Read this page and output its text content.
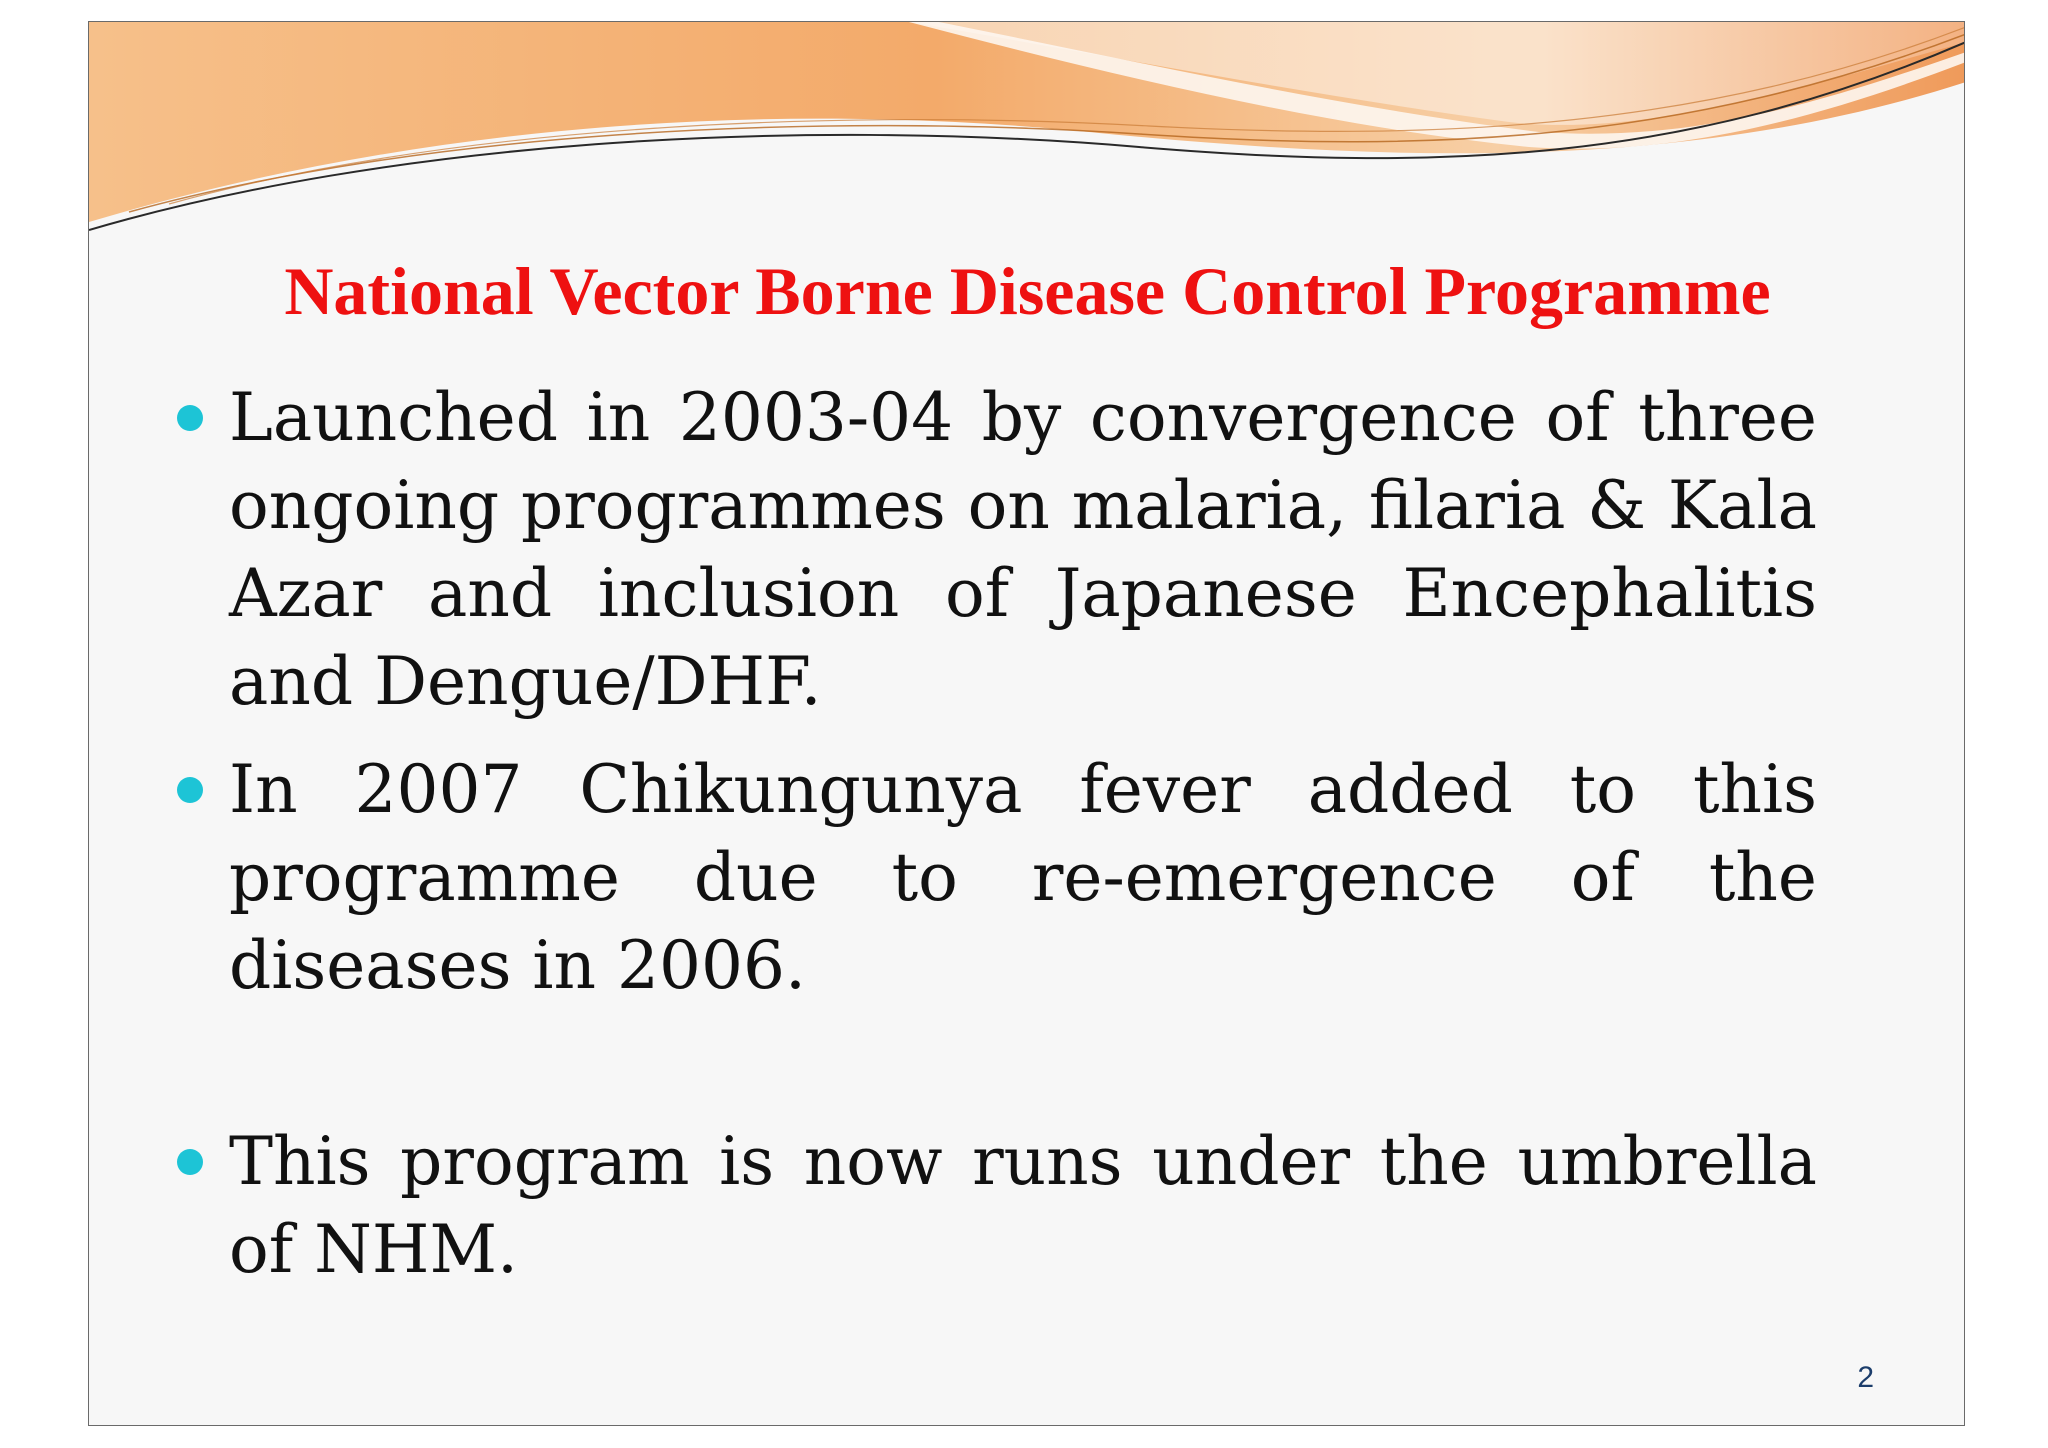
National Vector Borne Disease Control Programme
Launched in 2003-04 by convergence of three ongoing programmes on malaria, filaria & Kala Azar and inclusion of Japanese Encephalitis and Dengue/DHF.
In 2007 Chikungunya fever added to this programme due to re-emergence of the diseases in 2006.
This program is now runs under the umbrella of NHM.
2
